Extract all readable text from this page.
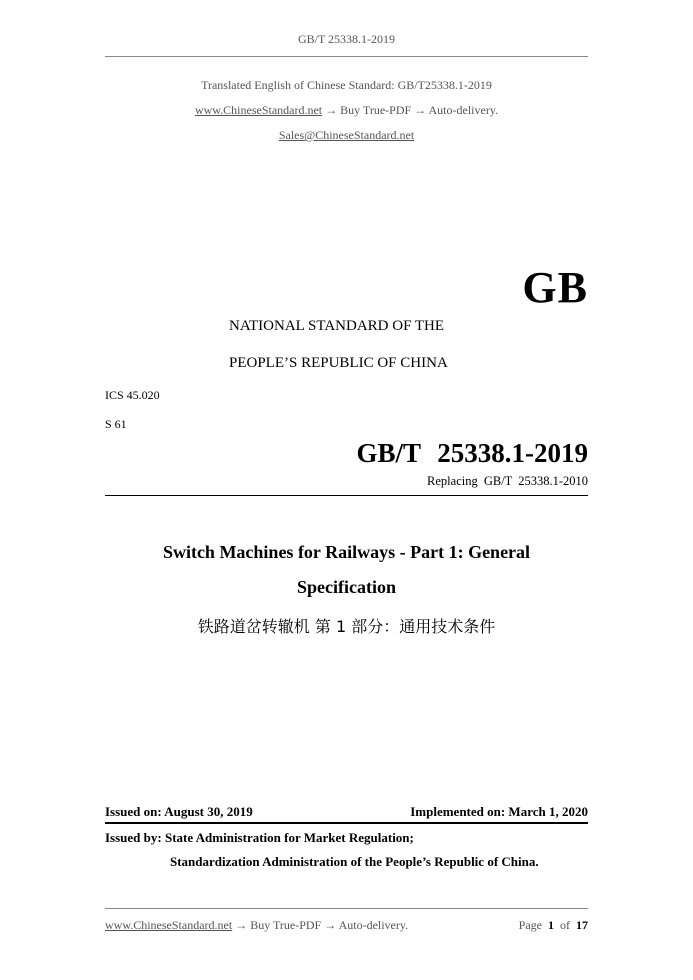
GB/T 25338.1-2019
Translated English of Chinese Standard: GB/T25338.1-2019
www.ChineseStandard.net → Buy True-PDF → Auto-delivery.
Sales@ChineseStandard.net
GB
NATIONAL STANDARD OF THE
PEOPLE’S REPUBLIC OF CHINA
ICS 45.020
S 61
GB/T 25338.1-2019
Replacing GB/T 25338.1-2010
Switch Machines for Railways - Part 1: General
Specification
铁路道岔转辙机 第 1 部分：通用技术条件
Issued on: August 30, 2019	Implemented on: March 1, 2020
Issued by: State Administration for Market Regulation;
Standardization Administration of the People’s Republic of China.
www.ChineseStandard.net → Buy True-PDF → Auto-delivery.	Page 1 of 17
